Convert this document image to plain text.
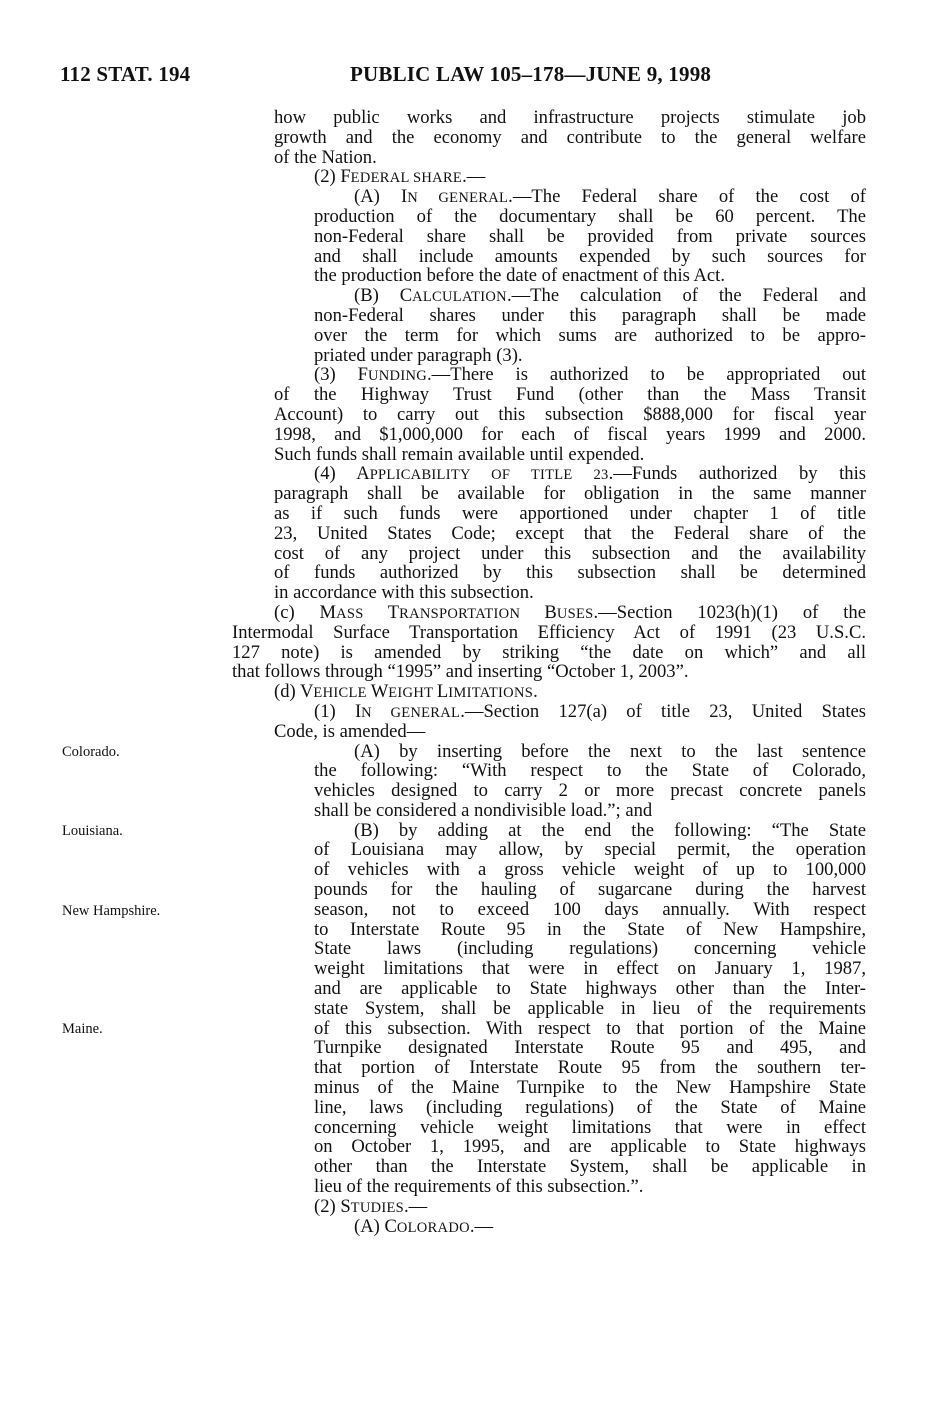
112 STAT. 194	PUBLIC LAW 105–178—JUNE 9, 1998
Colorado.
Louisiana.
New Hampshire.
Maine.
how public works and infrastructure projects stimulate job
growth and the economy and contribute to the general welfare
of the Nation.
(2) FEDERAL SHARE.—
(A) IN GENERAL.—The Federal share of the cost of
production of the documentary shall be 60 percent. The
non-Federal share shall be provided from private sources
and shall include amounts expended by such sources for
the production before the date of enactment of this Act.
(B) CALCULATION.—The calculation of the Federal and
non-Federal shares under this paragraph shall be made
over the term for which sums are authorized to be appro-
priated under paragraph (3).
(3) FUNDING.—There is authorized to be appropriated out
of the Highway Trust Fund (other than the Mass Transit
Account) to carry out this subsection $888,000 for fiscal year
1998, and $1,000,000 for each of fiscal years 1999 and 2000.
Such funds shall remain available until expended.
(4) APPLICABILITY OF TITLE 23.—Funds authorized by this
paragraph shall be available for obligation in the same manner
as if such funds were apportioned under chapter 1 of title
23, United States Code; except that the Federal share of the
cost of any project under this subsection and the availability
of funds authorized by this subsection shall be determined
in accordance with this subsection.
(c) MASS TRANSPORTATION BUSES.—Section 1023(h)(1) of the
Intermodal Surface Transportation Efficiency Act of 1991 (23 U.S.C.
127 note) is amended by striking “the date on which” and all
that follows through “1995” and inserting “October 1, 2003”.
(d) VEHICLE WEIGHT LIMITATIONS.
(1) IN GENERAL.—Section 127(a) of title 23, United States
Code, is amended—
(A) by inserting before the next to the last sentence
the following: “With respect to the State of Colorado,
vehicles designed to carry 2 or more precast concrete panels
shall be considered a nondivisible load.”; and
(B) by adding at the end the following: “The State
of Louisiana may allow, by special permit, the operation
of vehicles with a gross vehicle weight of up to 100,000
pounds for the hauling of sugarcane during the harvest
season, not to exceed 100 days annually. With respect
to Interstate Route 95 in the State of New Hampshire,
State laws (including regulations) concerning vehicle
weight limitations that were in effect on January 1, 1987,
and are applicable to State highways other than the Inter-
state System, shall be applicable in lieu of the requirements
of this subsection. With respect to that portion of the Maine
Turnpike designated Interstate Route 95 and 495, and
that portion of Interstate Route 95 from the southern ter-
minus of the Maine Turnpike to the New Hampshire State
line, laws (including regulations) of the State of Maine
concerning vehicle weight limitations that were in effect
on October 1, 1995, and are applicable to State highways
other than the Interstate System, shall be applicable in
lieu of the requirements of this subsection.”.
(2) STUDIES.—
(A) COLORADO.—
